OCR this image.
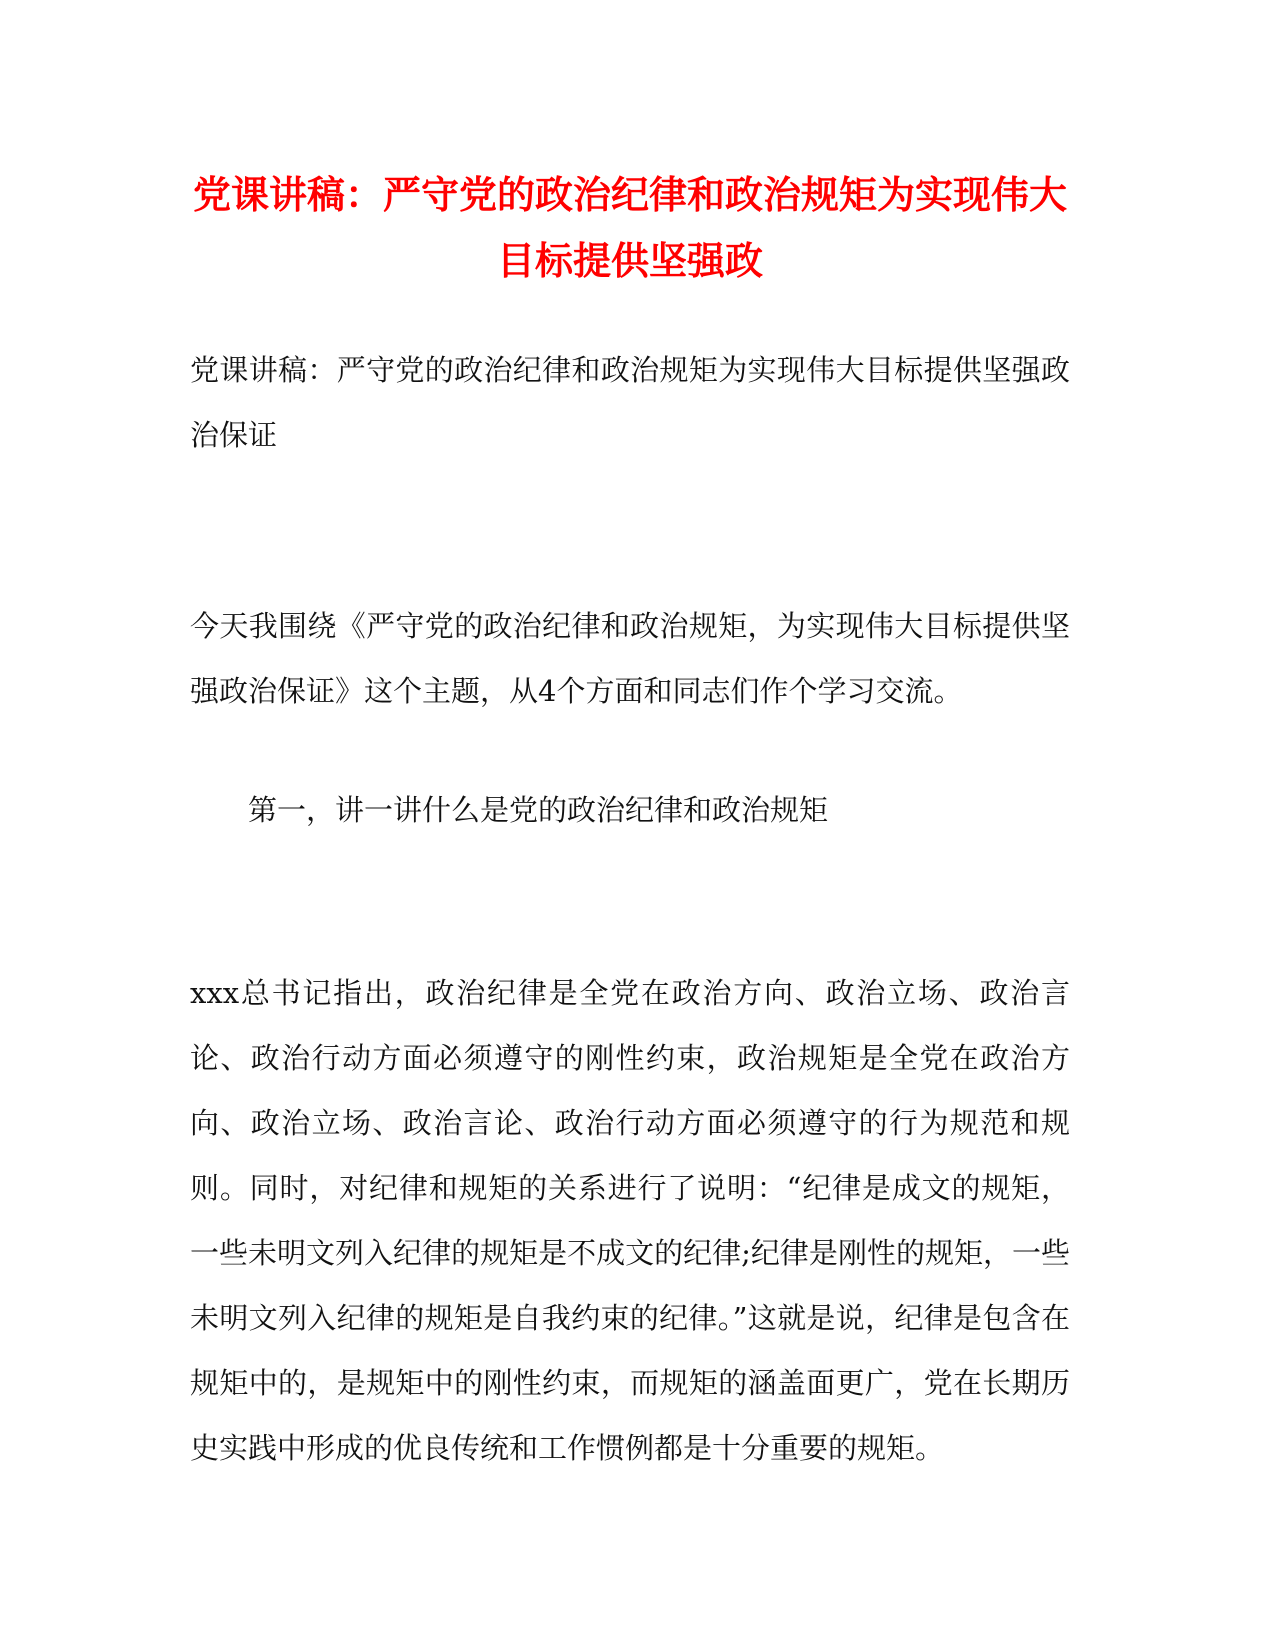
党课讲稿：严守党的政治纪律和政治规矩为实现伟大目标提供坚强政

党课讲稿：严守党的政治纪律和政治规矩为实现伟大目标提供坚强政治保证

今天我围绕《严守党的政治纪律和政治规矩，为实现伟大目标提供坚强政治保证》这个主题，从4个方面和同志们作个学习交流。

第一，讲一讲什么是党的政治纪律和政治规矩

xxx总书记指出，政治纪律是全党在政治方向、政治立场、政治言论、政治行动方面必须遵守的刚性约束，政治规矩是全党在政治方向、政治立场、政治言论、政治行动方面必须遵守的行为规范和规则。同时，对纪律和规矩的关系进行了说明：“纪律是成文的规矩，一些未明文列入纪律的规矩是不成文的纪律;纪律是刚性的规矩，一些未明文列入纪律的规矩是自我约束的纪律。”这就是说，纪律是包含在规矩中的，是规矩中的刚性约束，而规矩的涵盖面更广，党在长期历史实践中形成的优良传统和工作惯例都是十分重要的规矩。
